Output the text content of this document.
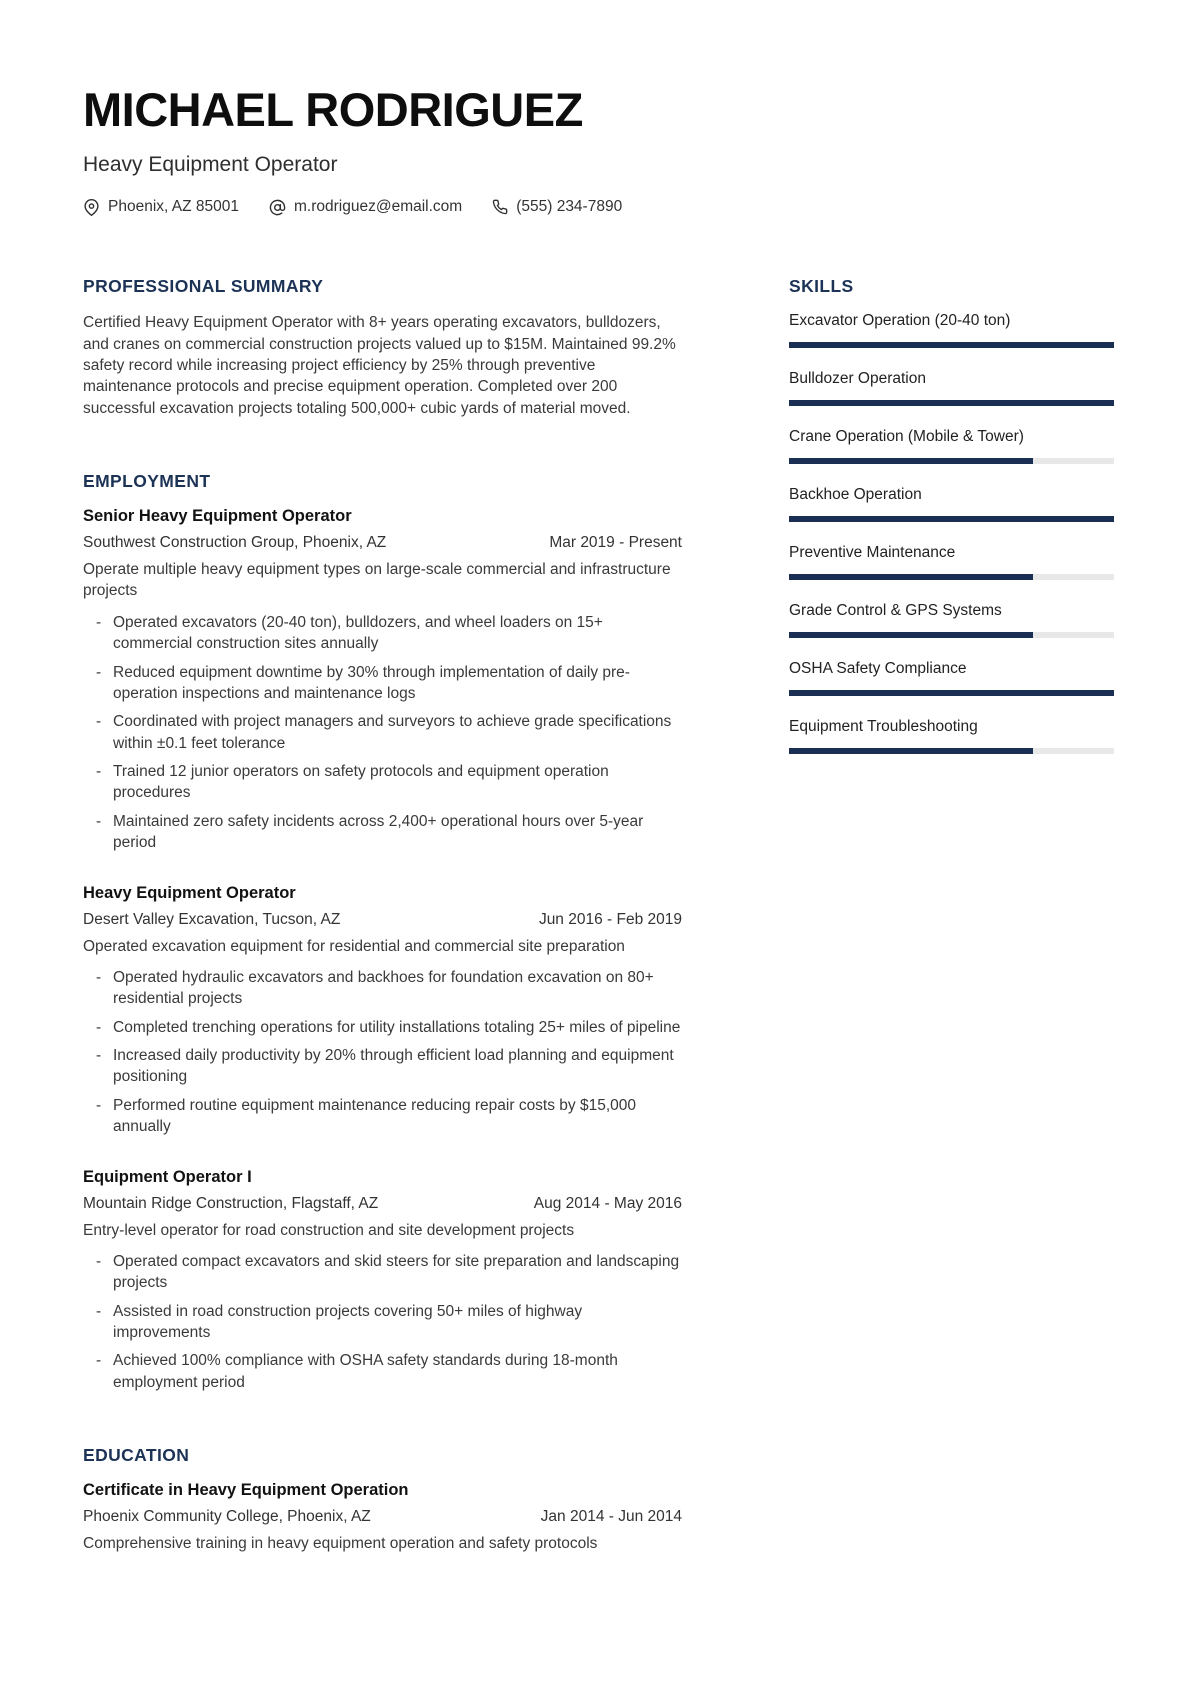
MICHAEL RODRIGUEZ
Heavy Equipment Operator
Phoenix, AZ 85001	m.rodriguez@email.com	(555) 234-7890
PROFESSIONAL SUMMARY

Certified Heavy Equipment Operator with 8+ years operating excavators, bulldozers, and cranes on commercial construction projects valued up to $15M. Maintained 99.2% safety record while increasing project efficiency by 25% through preventive maintenance protocols and precise equipment operation. Completed over 200 successful excavation projects totaling 500,000+ cubic yards of material moved.

EMPLOYMENT
Senior Heavy Equipment Operator
Southwest Construction Group, Phoenix, AZ	Mar 2019 - Present

Operate multiple heavy equipment types on large-scale commercial and infrastructure projects

- Operated excavators (20-40 ton), bulldozers, and wheel loaders on 15+ commercial construction sites annually
- Reduced equipment downtime by 30% through implementation of daily pre-operation inspections and maintenance logs
- Coordinated with project managers and surveyors to achieve grade specifications within ±0.1 feet tolerance
- Trained 12 junior operators on safety protocols and equipment operation procedures
- Maintained zero safety incidents across 2,400+ operational hours over 5-year period
Heavy Equipment Operator
Desert Valley Excavation, Tucson, AZ	Jun 2016 - Feb 2019

Operated excavation equipment for residential and commercial site preparation

- Operated hydraulic excavators and backhoes for foundation excavation on 80+ residential projects
- Completed trenching operations for utility installations totaling 25+ miles of pipeline
- Increased daily productivity by 20% through efficient load planning and equipment positioning
- Performed routine equipment maintenance reducing repair costs by $15,000 annually
Equipment Operator I
Mountain Ridge Construction, Flagstaff, AZ	Aug 2014 - May 2016

Entry-level operator for road construction and site development projects

- Operated compact excavators and skid steers for site preparation and landscaping projects
- Assisted in road construction projects covering 50+ miles of highway improvements
- Achieved 100% compliance with OSHA safety standards during 18-month employment period
EDUCATION
Certificate in Heavy Equipment Operation
Phoenix Community College, Phoenix, AZ	Jan 2014 - Jun 2014

Comprehensive training in heavy equipment operation and safety protocols

SKILLS
Excavator Operation (20-40 ton)
Bulldozer Operation
Crane Operation (Mobile & Tower)
Backhoe Operation
Preventive Maintenance
Grade Control & GPS Systems
OSHA Safety Compliance
Equipment Troubleshooting
